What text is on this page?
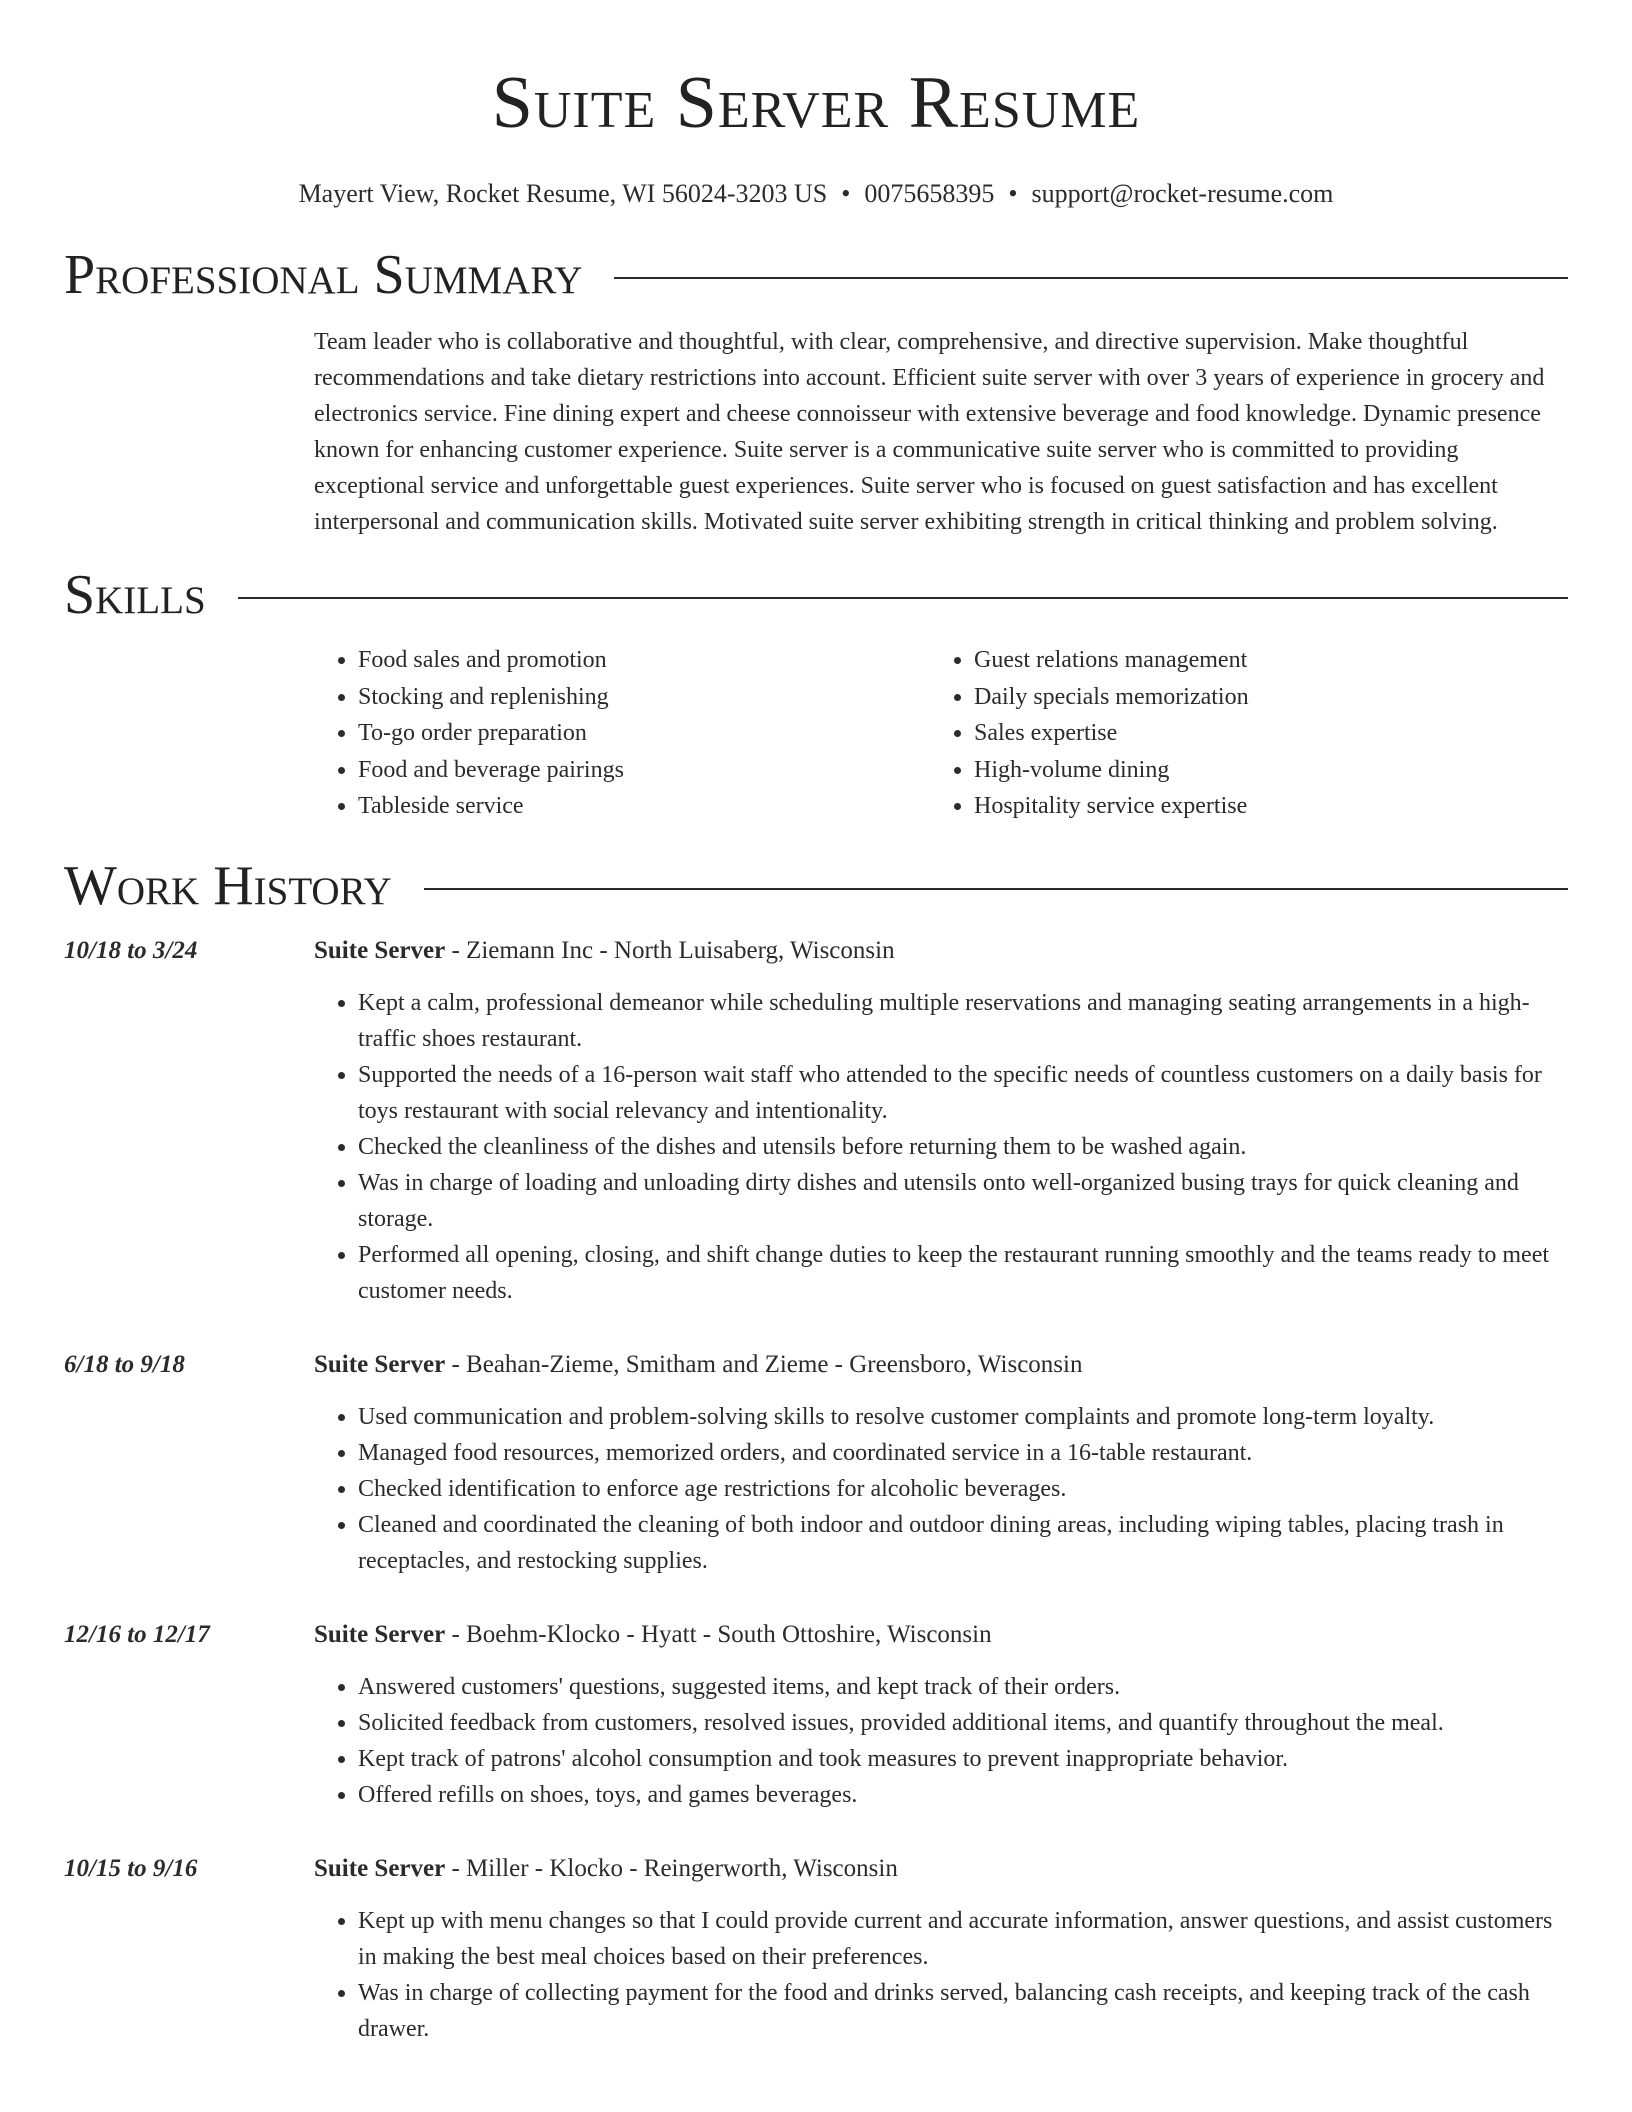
Suite Server Resume
Mayert View, Rocket Resume, WI 56024-3203 US • 0075658395 • support@rocket-resume.com
Professional Summary

Team leader who is collaborative and thoughtful, with clear, comprehensive, and directive supervision. Make thoughtful recommendations and take dietary restrictions into account. Efficient suite server with over 3 years of experience in grocery and electronics service. Fine dining expert and cheese connoisseur with extensive beverage and food knowledge. Dynamic presence known for enhancing customer experience. Suite server is a communicative suite server who is committed to providing exceptional service and unforgettable guest experiences. Suite server who is focused on guest satisfaction and has excellent interpersonal and communication skills. Motivated suite server exhibiting strength in critical thinking and problem solving.

Skills
• Food sales and promotion
• Stocking and replenishing
• To-go order preparation
• Food and beverage pairings
• Tableside service
• Guest relations management
• Daily specials memorization
• Sales expertise
• High-volume dining
• Hospitality service expertise
Work History
10/18 to 3/24	Suite Server - Ziemann Inc - North Luisaberg, Wisconsin
• Kept a calm, professional demeanor while scheduling multiple reservations and managing seating arrangements in a high-traffic shoes restaurant.
• Supported the needs of a 16-person wait staff who attended to the specific needs of countless customers on a daily basis for toys restaurant with social relevancy and intentionality.
• Checked the cleanliness of the dishes and utensils before returning them to be washed again.
• Was in charge of loading and unloading dirty dishes and utensils onto well-organized busing trays for quick cleaning and storage.
• Performed all opening, closing, and shift change duties to keep the restaurant running smoothly and the teams ready to meet customer needs.
6/18 to 9/18	Suite Server - Beahan-Zieme, Smitham and Zieme - Greensboro, Wisconsin
• Used communication and problem-solving skills to resolve customer complaints and promote long-term loyalty.
• Managed food resources, memorized orders, and coordinated service in a 16-table restaurant.
• Checked identification to enforce age restrictions for alcoholic beverages.
• Cleaned and coordinated the cleaning of both indoor and outdoor dining areas, including wiping tables, placing trash in receptacles, and restocking supplies.
12/16 to 12/17	Suite Server - Boehm-Klocko - Hyatt - South Ottoshire, Wisconsin
• Answered customers' questions, suggested items, and kept track of their orders.
• Solicited feedback from customers, resolved issues, provided additional items, and quantify throughout the meal.
• Kept track of patrons' alcohol consumption and took measures to prevent inappropriate behavior.
• Offered refills on shoes, toys, and games beverages.
10/15 to 9/16	Suite Server - Miller - Klocko - Reingerworth, Wisconsin
• Kept up with menu changes so that I could provide current and accurate information, answer questions, and assist customers in making the best meal choices based on their preferences.
• Was in charge of collecting payment for the food and drinks served, balancing cash receipts, and keeping track of the cash drawer.
